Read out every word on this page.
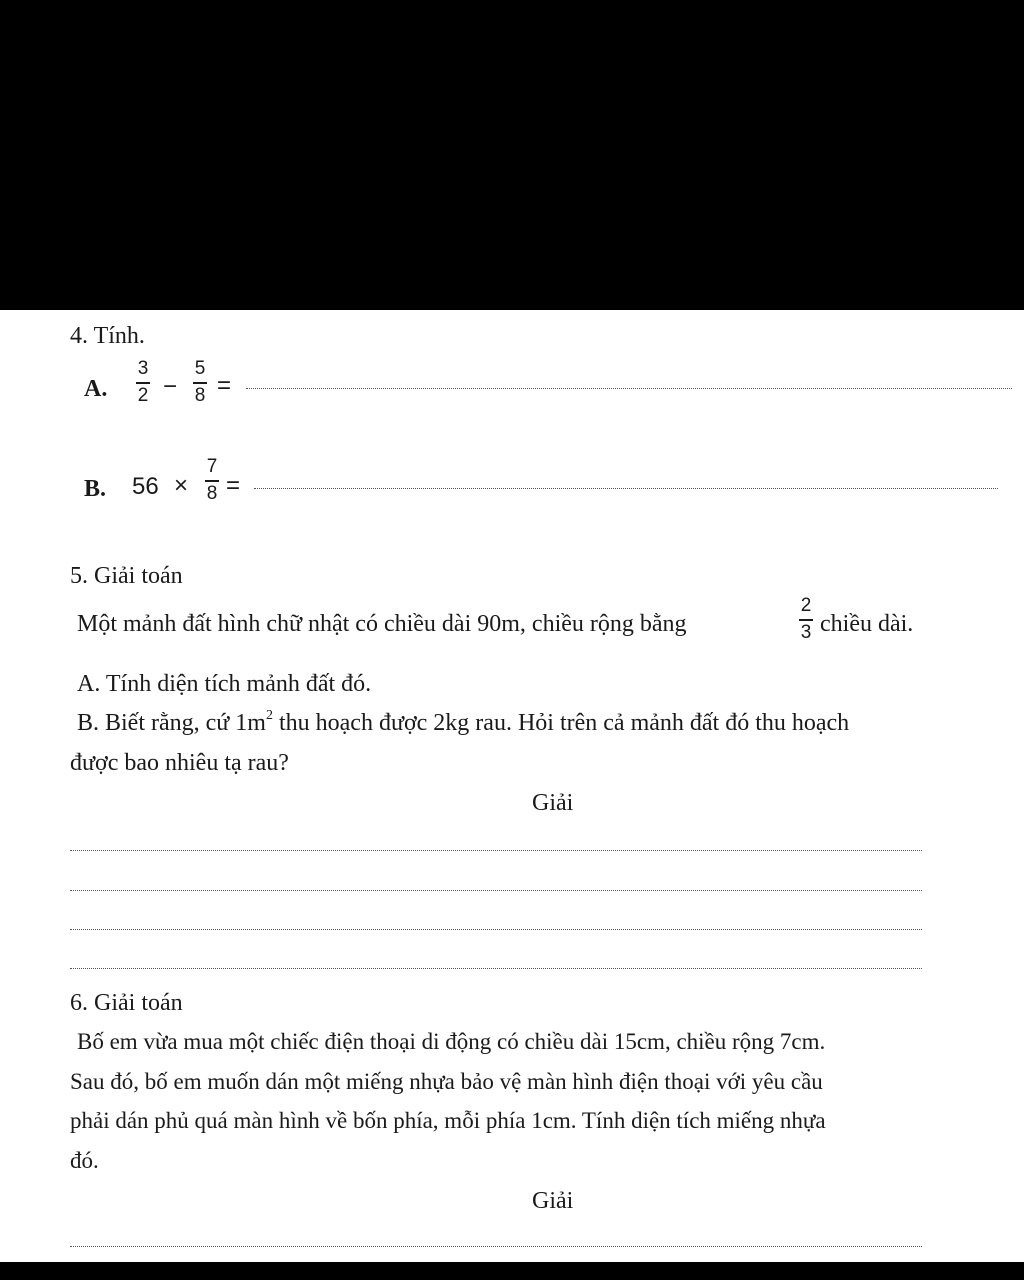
4. Tính.
A.
3
2 −
5
8 =
B. 56 ×
7
8 =
5. Giải toán
Một mảnh đất hình chữ nhật có chiều dài 90m, chiều rộng bằng
2
3 chiều dài.
A. Tính diện tích mảnh đất đó.
B. Biết rằng, cứ $1m^2$ thu hoạch được 2kg rau. Hỏi trên cả mảnh đất đó thu hoạch
được bao nhiêu tạ rau?
Giải
6. Giải toán
Bố em vừa mua một chiếc điện thoại di động có chiều dài 15cm, chiều rộng 7cm.
Sau đó, bố em muốn dán một miếng nhựa bảo vệ màn hình điện thoại với yêu cầu
phải dán phủ quá màn hình về bốn phía, mỗi phía 1cm. Tính diện tích miếng nhựa
đó.
Giải
